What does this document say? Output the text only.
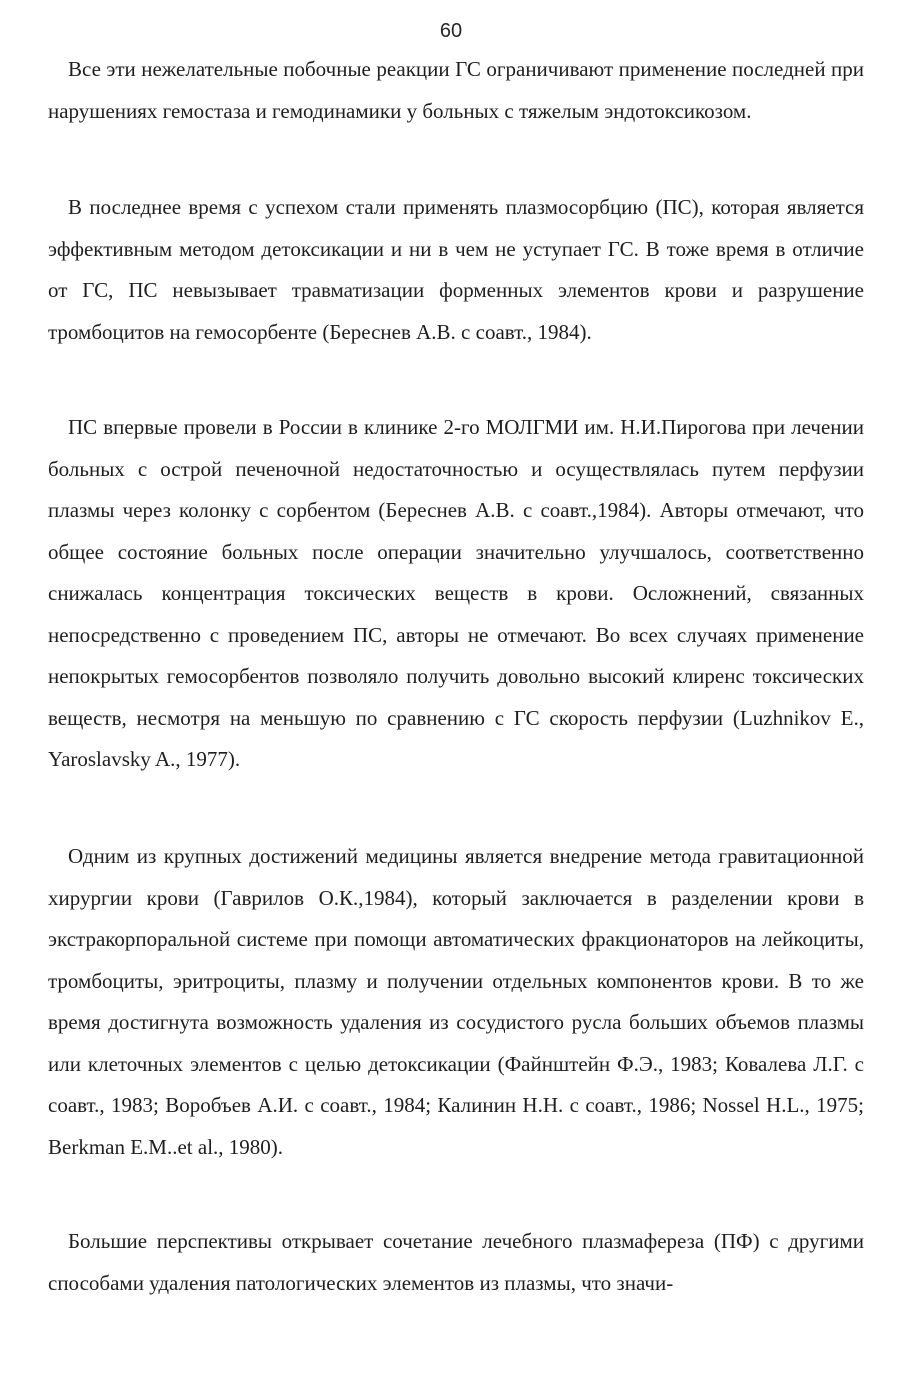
60

Все эти нежелательные побочные реакции ГС ограничивают применение последней при нарушениях гемостаза и гемодинамики у больных с тяжелым эндотоксикозом.

В последнее время с успехом стали применять плазмосорбцию (ПС), которая является эффективным методом детоксикации и ни в чем не уступает ГС. В тоже время в отличие от ГС, ПС невызывает травматизации форменных элементов крови и разрушение тромбоцитов на гемосорбенте (Береснев А.В. с соавт., 1984).

ПС впервые провели в России в клинике 2-го МОЛГМИ им. Н.И.Пирогова при лечении больных с острой печеночной недостаточностью и осуществлялась путем перфузии плазмы через колонку с сорбентом (Береснев А.В. с соавт.,1984). Авторы отмечают, что общее состояние больных после операции значительно улучшалось, соответственно снижалась концентрация токсических веществ в крови. Осложнений, связанных непосредственно с проведением ПС, авторы не отмечают. Во всех случаях применение непокрытых гемосорбентов позволяло получить довольно высокий клиренс токсических веществ, несмотря на меньшую по сравнению с ГС скорость перфузии (Luzhnikov E., Yaroslavsky A., 1977).

Одним из крупных достижений медицины является внедрение метода гравитационной хирургии крови (Гаврилов О.К.,1984), который заключается в разделении крови в экстракорпоральной системе при помощи автоматических фракционаторов на лейкоциты, тромбоциты, эритроциты, плазму и получении отдельных компонентов крови. В то же время достигнута возможность удаления из сосудистого русла больших объемов плазмы или клеточных элементов с целью детоксикации (Файнштейн Ф.Э., 1983; Ковалева Л.Г. с соавт., 1983; Воробъев А.И. с соавт., 1984; Калинин Н.Н. с соавт., 1986; Nossel H.L., 1975; Berkman E.M..et al., 1980).

Большие перспективы открывает сочетание лечебного плазмафереза (ПФ) с другими способами удаления патологических элементов из плазмы, что значи-
